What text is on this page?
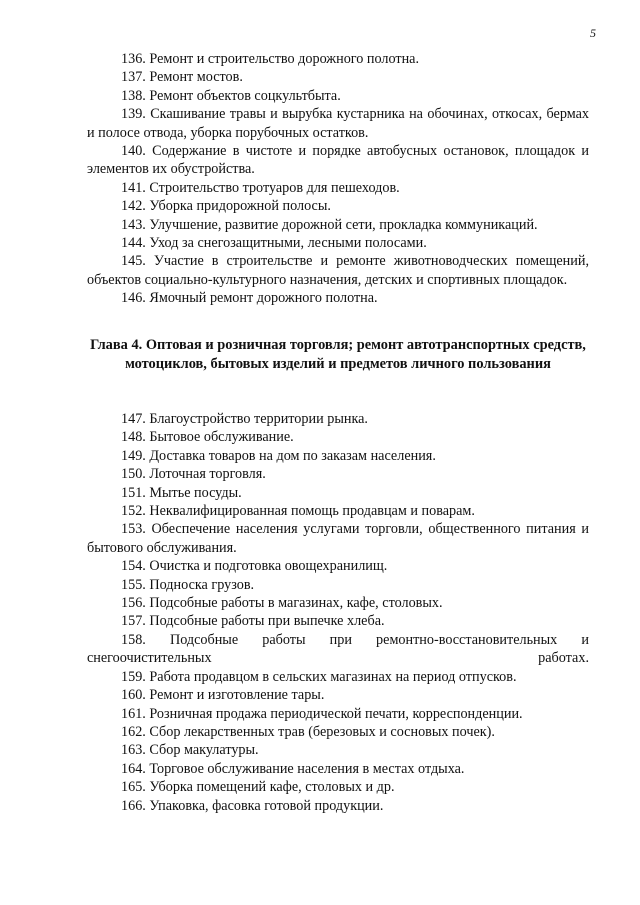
5

136. Ремонт и строительство дорожного полотна.

137. Ремонт мостов.

138. Ремонт объектов соцкультбыта.

139. Скашивание травы и вырубка кустарника на обочинах, откосах, бермах и полосе отвода, уборка порубочных остатков.

140. Содержание в чистоте и порядке автобусных остановок, площадок и элементов их обустройства.

141. Строительство тротуаров для пешеходов.

142. Уборка придорожной полосы.

143. Улучшение, развитие дорожной сети, прокладка коммуникаций.

144. Уход за снегозащитными, лесными полосами.

145. Участие в строительстве и ремонте животноводческих помещений, объектов социально-культурного назначения, детских и спортивных площадок.

146. Ямочный ремонт дорожного полотна.

Глава 4. Оптовая и розничная торговля; ремонт автотранспортных средств, мотоциклов, бытовых изделий и предметов личного пользования

147. Благоустройство территории рынка.

148. Бытовое обслуживание.

149. Доставка товаров на дом по заказам населения.

150. Лоточная торговля.

151. Мытье посуды.

152. Неквалифицированная помощь продавцам и поварам.

153. Обеспечение населения услугами торговли, общественного питания и бытового обслуживания.

154. Очистка и подготовка овощехранилищ.

155. Подноска грузов.

156. Подсобные работы в магазинах, кафе, столовых.

157. Подсобные работы при выпечке хлеба.

158. Подсобные работы при ремонтно-восстановительных и снегоочистительных работах.

159. Работа продавцом в сельских магазинах на период отпусков.

160. Ремонт и изготовление тары.

161. Розничная продажа периодической печати, корреспонденции.

162. Сбор лекарственных трав (березовых и сосновых почек).

163. Сбор макулатуры.

164. Торговое обслуживание населения в местах отдыха.

165. Уборка помещений кафе, столовых и др.

166. Упаковка, фасовка готовой продукции.
